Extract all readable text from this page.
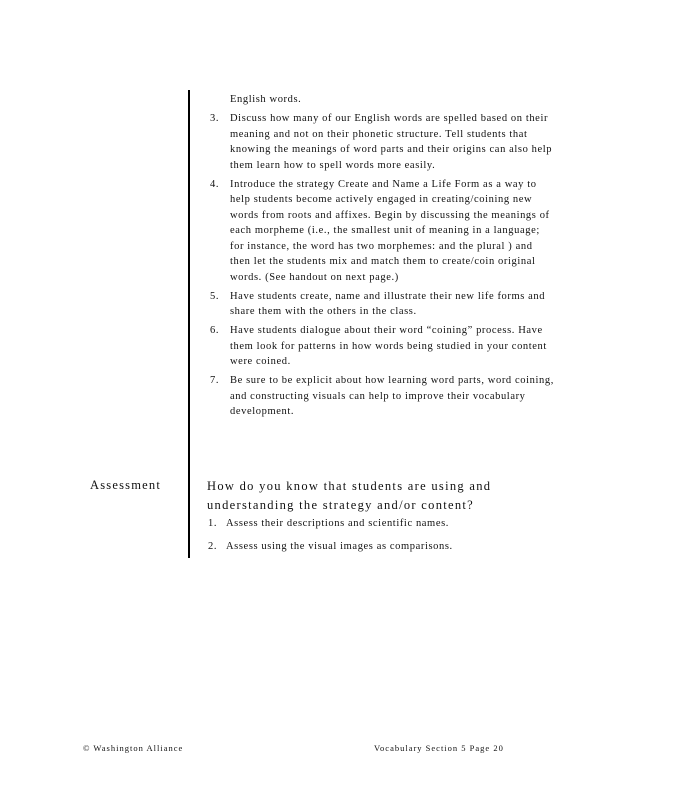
English words.
3.	Discuss how many of our English words are spelled based on their meaning and not on their phonetic structure. Tell students that knowing the meanings of word parts and their origins can also help them learn how to spell words more easily.

4.	Introduce the strategy Create and Name a Life Form as a way to help students become actively engaged in creating/coining new words from roots and affixes. Begin by discussing the meanings of each morpheme (i.e., the smallest unit of meaning in a language; for instance, the word has two morphemes: and the plural ) and then let the students mix and match them to create/coin original words. (See handout on next page.)

5.	Have students create, name and illustrate their new life forms and share them with the others in the class.

6.	Have students dialogue about their word “coining” process. Have them look for patterns in how words being studied in your content were coined.

7.	Be sure to be explicit about how learning word parts, word coining, and constructing visuals can help to improve their vocabulary development.

Assessment	How do you know that students are using and understanding the strategy and/or content?

1. Assess their descriptions and scientific names.
2. Assess using the visual images as comparisons.
© Washington Alliance	Vocabulary Section 5 Page 20
